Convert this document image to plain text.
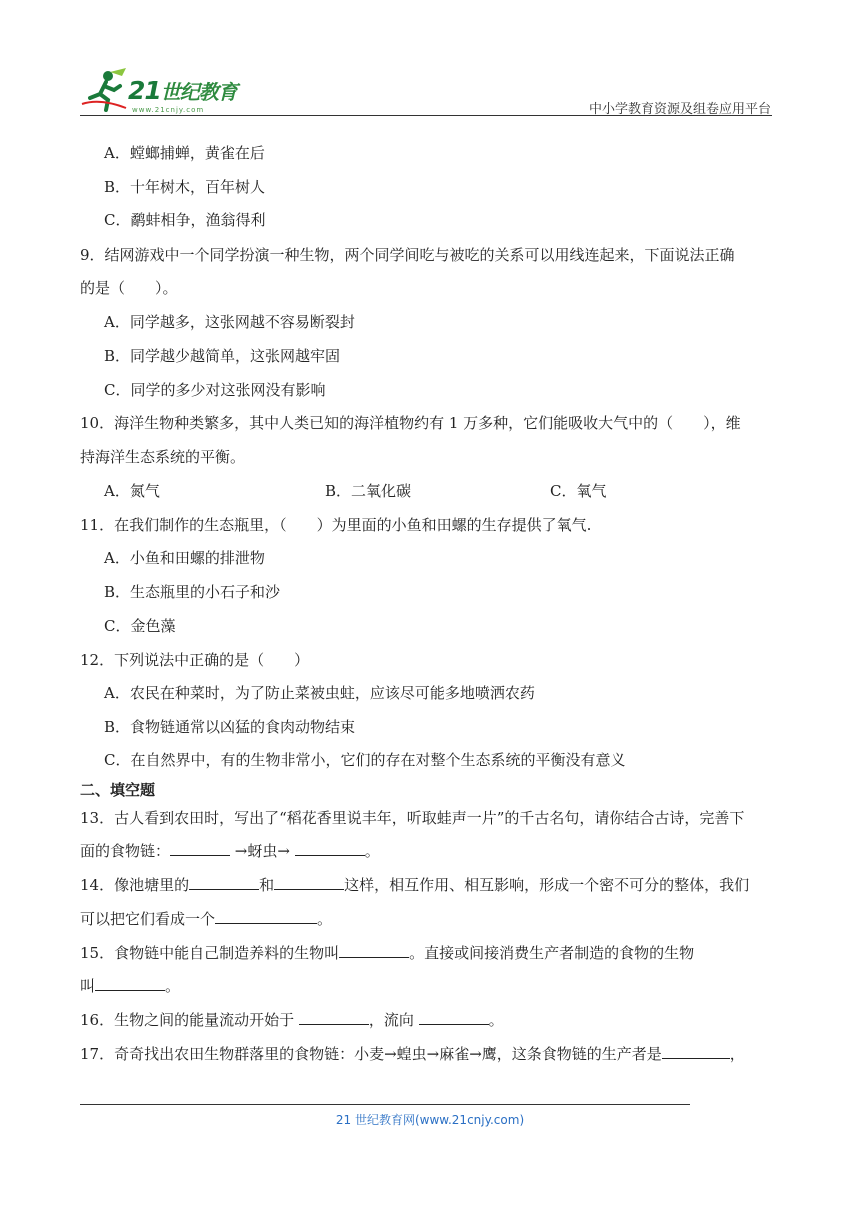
21世纪教育
www.21cnjy.com	中小学教育资源及组卷应用平台
A．螳螂捕蝉，黄雀在后
B．十年树木，百年树人
C．鹬蚌相争，渔翁得利
9．结网游戏中一个同学扮演一种生物，两个同学间吃与被吃的关系可以用线连起来，下面说法正确
的是（　　）。
A．同学越多，这张网越不容易断裂封
B．同学越少越简单，这张网越牢固
C．同学的多少对这张网没有影响
10．海洋生物种类繁多，其中人类已知的海洋植物约有 1 万多种，它们能吸收大气中的（　　），维
持海洋生态系统的平衡。
A．氮气	B．二氧化碳	C．氧气
11．在我们制作的生态瓶里，（　　）为里面的小鱼和田螺的生存提供了氧气.
A．小鱼和田螺的排泄物
B．生态瓶里的小石子和沙
C．金色藻
12．下列说法中正确的是（　　）
A．农民在种菜时，为了防止菜被虫蛀，应该尽可能多地喷洒农药
B．食物链通常以凶猛的食肉动物结束
C．在自然界中，有的生物非常小，它们的存在对整个生态系统的平衡没有意义
二、填空题
13．古人看到农田时，写出了“稻花香里说丰年，听取蛙声一片”的千古名句，请你结合古诗，完善下
面的食物链：	→蚜虫→	。
14．像池塘里的	和	这样，相互作用、相互影响，形成一个密不可分的整体，我们
可以把它们看成一个	。
15．食物链中能自己制造养料的生物叫	。直接或间接消费生产者制造的食物的生物
叫	。
16．生物之间的能量流动开始于	，流向	。
17．奇奇找出农田生物群落里的食物链：小麦→蝗虫→麻雀→鹰，这条食物链的生产者是	，
21 世纪教育网(www.21cnjy.com)
